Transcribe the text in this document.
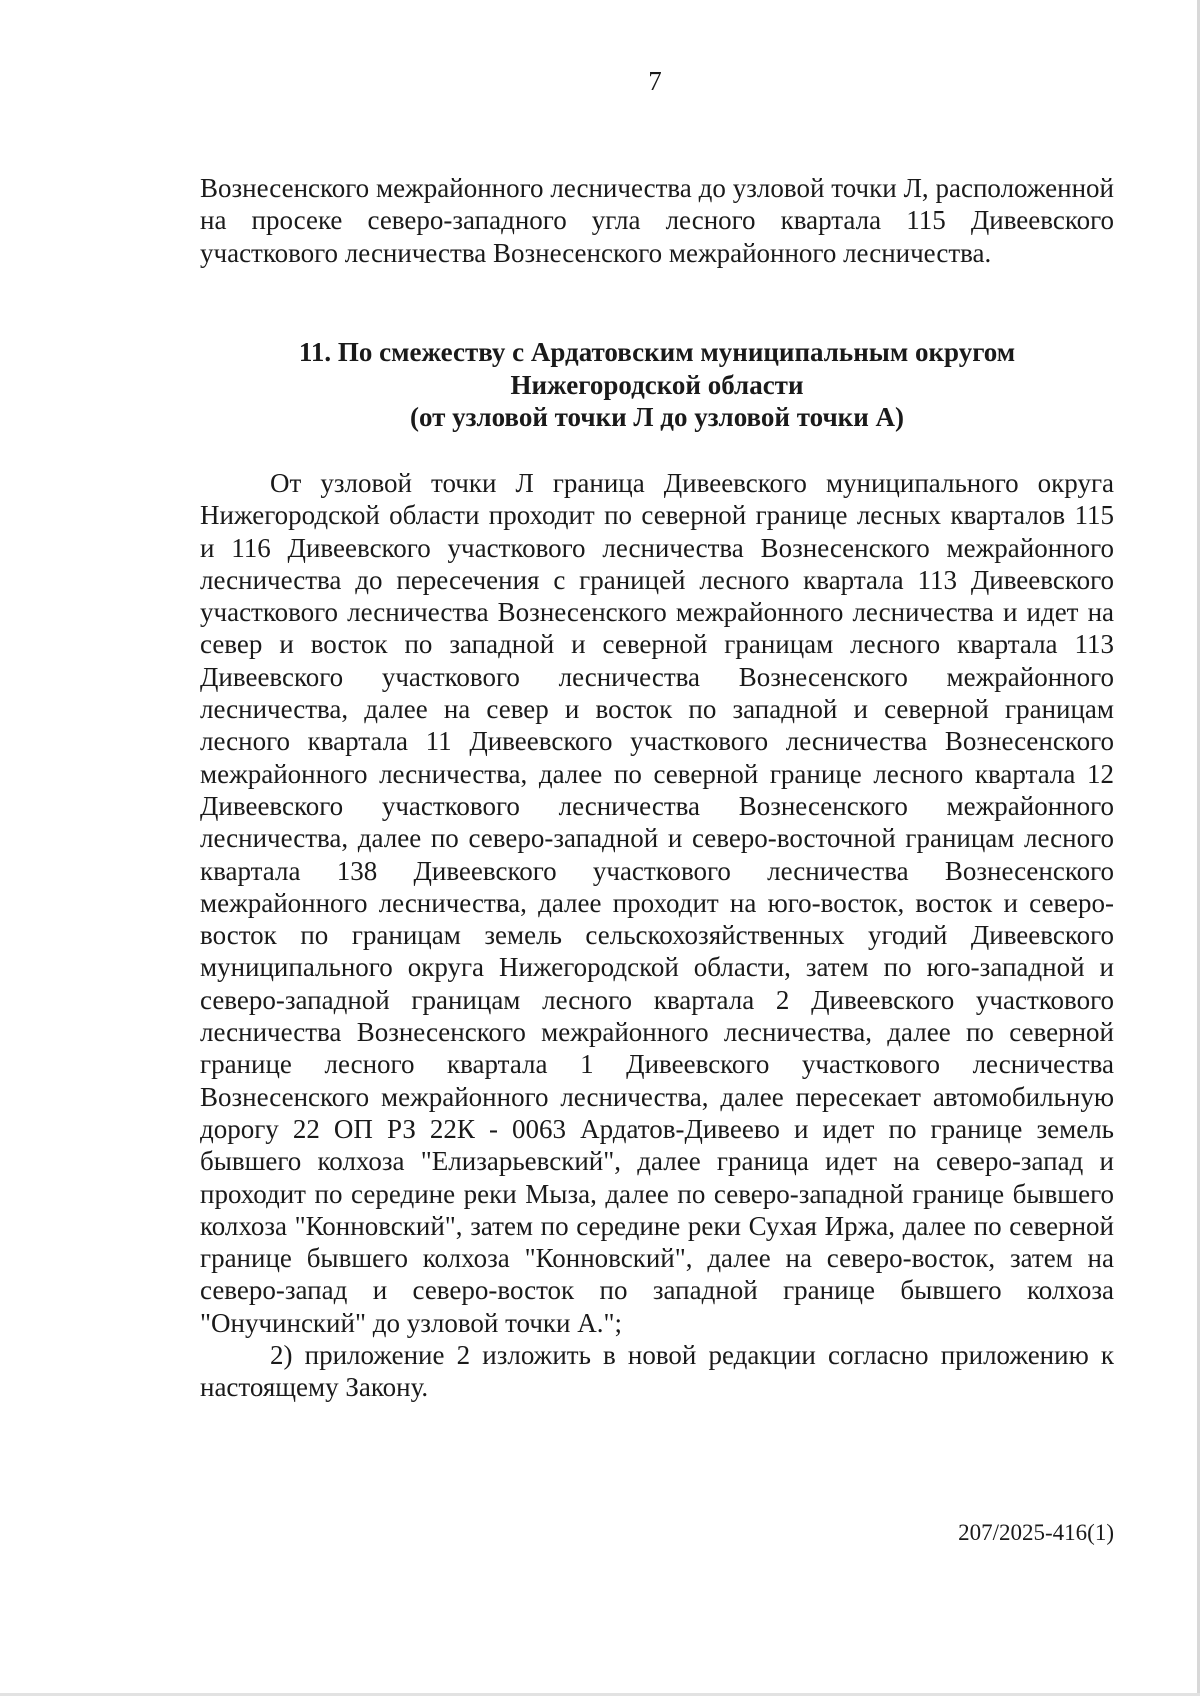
7

Вознесенского межрайонного лесничества до узловой точки Л, расположенной на просеке северо-западного угла лесного квартала 115 Дивеевского участкового лесничества Вознесенского межрайонного лесничества.

11. По смежеству с Ардатовским муниципальным округом
Нижегородской области
(от узловой точки Л до узловой точки А)

От узловой точки Л граница Дивеевского муниципального округа Нижегородской области проходит по северной границе лесных кварталов 115 и 116 Дивеевского участкового лесничества Вознесенского межрайонного лесничества до пересечения с границей лесного квартала 113 Дивеевского участкового лесничества Вознесенского межрайонного лесничества и идет на север и восток по западной и северной границам лесного квартала 113 Дивеевского участкового лесничества Вознесенского межрайонного лесничества, далее на север и восток по западной и северной границам лесного квартала 11 Дивеевского участкового лесничества Вознесенского межрайонного лесничества, далее по северной границе лесного квартала 12 Дивеевского участкового лесничества Вознесенского межрайонного лесничества, далее по северо-западной и северо-восточной границам лесного квартала 138 Дивеевского участкового лесничества Вознесенского межрайонного лесничества, далее проходит на юго-восток, восток и северо-восток по границам земель сельскохозяйственных угодий Дивеевского муниципального округа Нижегородской области, затем по юго-западной и северо-западной границам лесного квартала 2 Дивеевского участкового лесничества Вознесенского межрайонного лесничества, далее по северной границе лесного квартала 1 Дивеевского участкового лесничества Вознесенского межрайонного лесничества, далее пересекает автомобильную дорогу 22 ОП РЗ 22К - 0063 Ардатов-Дивеево и идет по границе земель бывшего колхоза "Елизарьевский", далее граница идет на северо-запад и проходит по середине реки Мыза, далее по северо-западной границе бывшего колхоза "Конновский", затем по середине реки Сухая Иржа, далее по северной границе бывшего колхоза "Конновский", далее на северо-восток, затем на северо-запад и северо-восток по западной границе бывшего колхоза "Онучинский" до узловой точки А.";

2) приложение 2 изложить в новой редакции согласно приложению к настоящему Закону.

207/2025-416(1)
